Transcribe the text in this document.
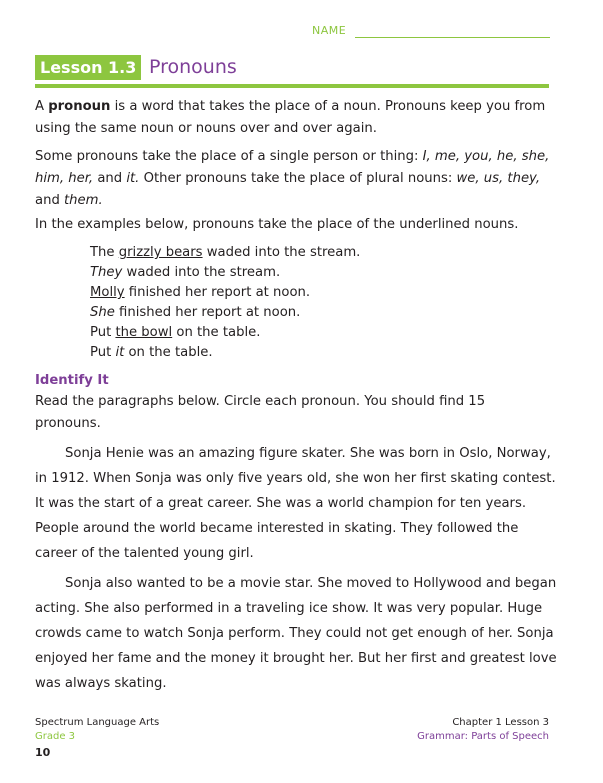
NAME
Lesson 1.3 Pronouns

A pronoun is a word that takes the place of a noun. Pronouns keep you from using the same noun or nouns over and over again.

Some pronouns take the place of a single person or thing: I, me, you, he, she, him, her, and it. Other pronouns take the place of plural nouns: we, us, they, and them.

In the examples below, pronouns take the place of the underlined nouns.

The grizzly bears waded into the stream.

They waded into the stream.

Molly finished her report at noon.

She finished her report at noon.

Put the bowl on the table.

Put it on the table.

Identify It

Read the paragraphs below. Circle each pronoun. You should find 15 pronouns.

Sonja Henie was an amazing figure skater. She was born in Oslo, Norway, in 1912. When Sonja was only five years old, she won her first skating contest. It was the start of a great career. She was a world champion for ten years. People around the world became interested in skating. They followed the career of the talented young girl.

Sonja also wanted to be a movie star. She moved to Hollywood and began acting. She also performed in a traveling ice show. It was very popular. Huge crowds came to watch Sonja perform. They could not get enough of her. Sonja enjoyed her fame and the money it brought her. But her first and greatest love was always skating.

Spectrum Language Arts
Grade 3
10
Chapter 1 Lesson 3
Grammar: Parts of Speech
